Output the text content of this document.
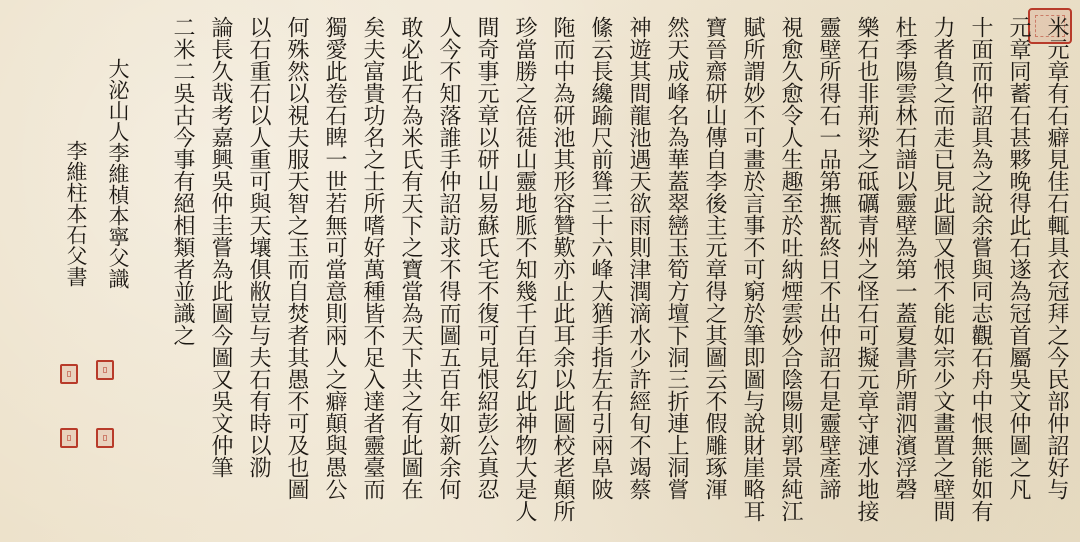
米元章有石癖見佳石輒具衣冠拜之今民部仲詔好与
元章同蓄石甚夥晚得此石遂為冠首屬吳文仲圖之凡
十面而仲詔具為之說余嘗與同志觀石舟中恨無能如有
力者負之而走已見此圖又恨不能如宗少文畫置之壁間
杜季陽雲林石譜以靈壁為第一蓋夏書所謂泗濱浮磬
樂石也非荊梁之砥礪青州之怪石可擬元章守漣水地接
靈壁所得石一品第撫翫終日不出仲詔石是靈壁產諦
視愈久愈令人生趣至於吐納煙雲妙合陰陽則郭景純江
賦所謂妙不可畫於言事不可窮於筆即圖与說財崖略耳
寶晉齋研山傳自李後主元章得之其圖云不假雕琢渾
然天成峰名為華蓋翠巒玉筍方壇下洞三折連上洞嘗
神遊其間龍池遇天欲雨則津潤滴水少許經旬不竭蔡
絛云長纔踰尺前聳三十六峰大猶手指左右引兩阜陂
陁而中為研池其形容贊歎亦止此耳余以此圖校老顛所
珍當勝之倍蓰山靈地脈不知幾千百年幻此神物大是人
間奇事元章以研山易蘇氏宅不復可見恨紹彭公真忍
人今不知落誰手仲詔訪求不得而圖五百年如新余何
敢必此石為米氏有天下之寶當為天下共之有此圖在
矣夫富貴功名之士所嗜好萬種皆不足入達者靈臺而
獨愛此卷石睥一世若無可當意則兩人之癖顛與愚公
何殊然以視夫服天智之玉而自焚者其愚不可及也圖
以石重石以人重可與天壤俱敝豈与夫石有時以泐
論長久哉考嘉興吳仲圭嘗為此圖今圖又吳文仲筆
二米二吳古今事有絕相類者並識之
大泌山人李維楨本寧父識
李維柱本石父書
